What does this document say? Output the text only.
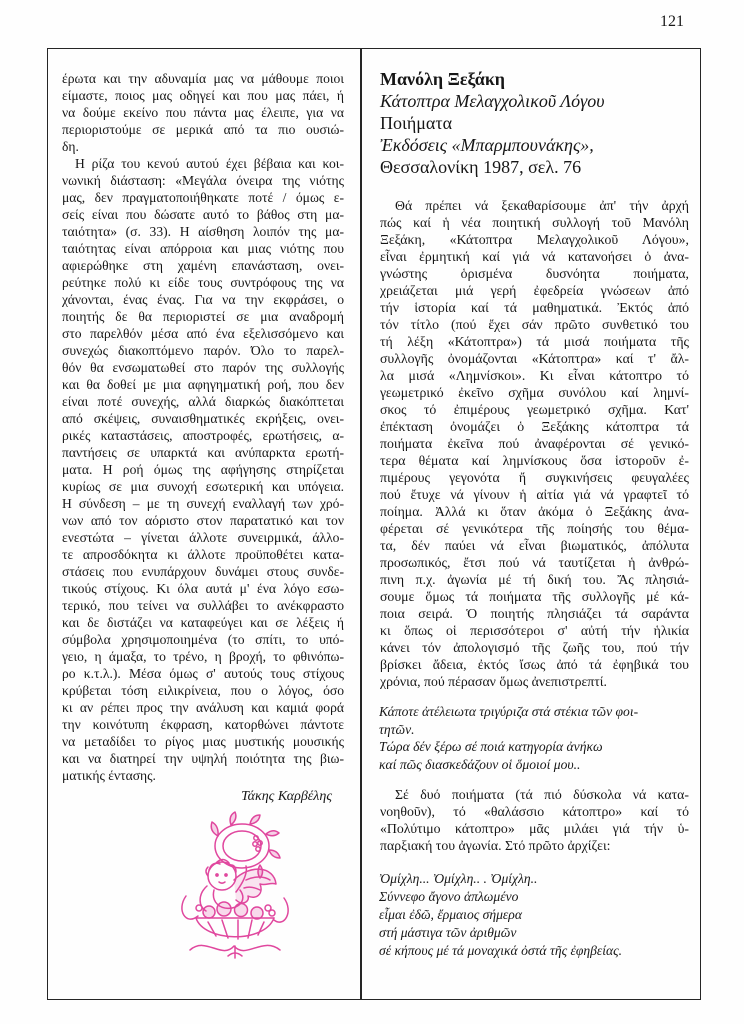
121
έρωτα και την αδυναμία μας να μάθουμε ποιοι
είμαστε, ποιος μας οδηγεί και που μας πάει, ή
να δούμε εκείνο που πάντα μας έλειπε, για να
περιοριστούμε σε μερικά από τα πιο ουσιώ-
δη.
Η ρίζα του κενού αυτού έχει βέβαια και κοι-
νωνική διάσταση: «Μεγάλα όνειρα της νιότης
μας, δεν πραγματοποιήθηκατε ποτέ / όμως ε-
σείς είναι που δώσατε αυτό το βάθος στη μα-
ταιότητα» (σ. 33). Η αίσθηση λοιπόν της μα-
ταιότητας είναι απόρροια και μιας νιότης που
αφιερώθηκε στη χαμένη επανάσταση, ονει-
ρεύτηκε πολύ κι είδε τους συντρόφους της να
χάνονται, ένας ένας. Για να την εκφράσει, ο
ποιητής δε θα περιοριστεί σε μια αναδρομή
στο παρελθόν μέσα από ένα εξελισσόμενο και
συνεχώς διακοπτόμενο παρόν. Όλο το παρελ-
θόν θα ενσωματωθεί στο παρόν της συλλογής
και θα δοθεί με μια αφηγηματική ροή, που δεν
είναι ποτέ συνεχής, αλλά διαρκώς διακόπτεται
από σκέψεις, συναισθηματικές εκρήξεις, ονει-
ρικές καταστάσεις, αποστροφές, ερωτήσεις, α-
παντήσεις σε υπαρκτά και ανύπαρκτα ερωτή-
ματα. Η ροή όμως της αφήγησης στηρίζεται
κυρίως σε μια συνοχή εσωτερική και υπόγεια.
Η σύνδεση – με τη συνεχή εναλλαγή των χρό-
νων από τον αόριστο στον παρατατικό και τον
ενεστώτα – γίνεται άλλοτε συνειρμικά, άλλο-
τε απροσδόκητα κι άλλοτε προϋποθέτει κατα-
στάσεις που ενυπάρχουν δυνάμει στους συνδε-
τικούς στίχους. Κι όλα αυτά μ' ένα λόγο εσω-
τερικό, που τείνει να συλλάβει το ανέκφραστο
και δε διστάζει να καταφεύγει και σε λέξεις ή
σύμβολα χρησιμοποιημένα (το σπίτι, το υπό-
γειο, η άμαξα, το τρένο, η βροχή, το φθινόπω-
ρο κ.τ.λ.). Μέσα όμως σ' αυτούς τους στίχους
κρύβεται τόση ειλικρίνεια, που ο λόγος, όσο
κι αν ρέπει προς την ανάλυση και καμιά φορά
την κοινότυπη έκφραση, κατορθώνει πάντοτε
να μεταδίδει το ρίγος μιας μυστικής μουσικής
και να διατηρεί την υψηλή ποιότητα της βιω-
ματικής έντασης.
Τάκης Καρβέλης
Μανόλη Ξεξάκη
Κάτοπτρα Μελαγχολικοῦ Λόγου
Ποιήματα
Ἐκδόσεις «Μπαρμπουνάκης»,
Θεσσαλονίκη 1987, σελ. 76
Θά πρέπει νά ξεκαθαρίσουμε ἀπ' τήν ἀρχή
πώς καί ἡ νέα ποιητική συλλογή τοῦ Μανόλη
Ξεξάκη, «Κάτοπτρα Μελαγχολικοῦ Λόγου»,
εἶναι ἐρμητική καί γιά νά κατανοήσει ὁ ἀνα-
γνώστης ὁρισμένα δυσνόητα ποιήματα,
χρειάζεται μιά γερή ἐφεδρεία γνώσεων ἀπό
τήν ἱστορία καί τά μαθηματικά. Ἐκτός ἀπό
τόν τίτλο (πού ἔχει σάν πρῶτο συνθετικό του
τή λέξη «Κάτοπτρα») τά μισά ποιήματα τῆς
συλλογῆς ὀνομάζονται «Κάτοπτρα» καί τ' ἄλ-
λα μισά «Λημνίσκοι». Κι εἶναι κάτοπτρο τό
γεωμετρικό ἐκεῖνο σχῆμα συνόλου καί λημνί-
σκος τό ἐπιμέρους γεωμετρικό σχῆμα. Κατ'
ἐπέκταση ὀνομάζει ὁ Ξεξάκης κάτοπτρα τά
ποιήματα ἐκεῖνα πού ἀναφέρονται σέ γενικό-
τερα θέματα καί λημνίσκους ὅσα ἱστοροῦν ἐ-
πιμέρους γεγονότα ἤ συγκινήσεις φευγαλέες
πού ἔτυχε νά γίνουν ἡ αἰτία γιά νά γραφτεῖ τό
ποίημα. Ἀλλά κι ὅταν ἀκόμα ὁ Ξεξάκης ἀνα-
φέρεται σέ γενικότερα τῆς ποίησής του θέμα-
τα, δέν παύει νά εἶναι βιωματικός, ἀπόλυτα
προσωπικός, ἔτσι πού νά ταυτίζεται ἡ ἀνθρώ-
πινη π.χ. ἀγωνία μέ τή δική του. Ἄς πλησιά-
σουμε ὅμως τά ποιήματα τῆς συλλογῆς μέ κά-
ποια σειρά. Ὁ ποιητής πλησιάζει τά σαράντα
κι ὅπως οἱ περισσότεροι σ' αὐτή τήν ἡλικία
κάνει τόν ἀπολογισμό τῆς ζωῆς του, πού τήν
βρίσκει ἄδεια, ἐκτός ἴσως ἀπό τά ἐφηβικά του
χρόνια, πού πέρασαν ὅμως ἀνεπιστρεπτί.
Κάποτε ἀτέλειωτα τριγύριζα στά στέκια τῶν φοι-
τητῶν.
Τώρα δέν ξέρω σέ ποιά κατηγορία ἀνήκω
καί πῶς διασκεδάζουν οἱ ὅμοιοί μου..
Σέ δυό ποιήματα (τά πιό δύσκολα νά κατα-
νοηθοῦν), τό «θαλάσσιο κάτοπτρο» καί τό
«Πολύτιμο κάτοπτρο» μᾶς μιλάει γιά τήν ὑ-
παρξιακή του ἀγωνία. Στό πρῶτο ἀρχίζει:
Ὀμίχλη... Ὀμίχλη.. . Ὀμίχλη..
Σύννεφο ἄγονο ἁπλωμένο
εἶμαι ἐδῶ, ἔρμαιος σήμερα
στή μάστιγα τῶν ἀριθμῶν
σέ κήπους μέ τά μοναχικά ὀστά τῆς ἐφηβείας.
